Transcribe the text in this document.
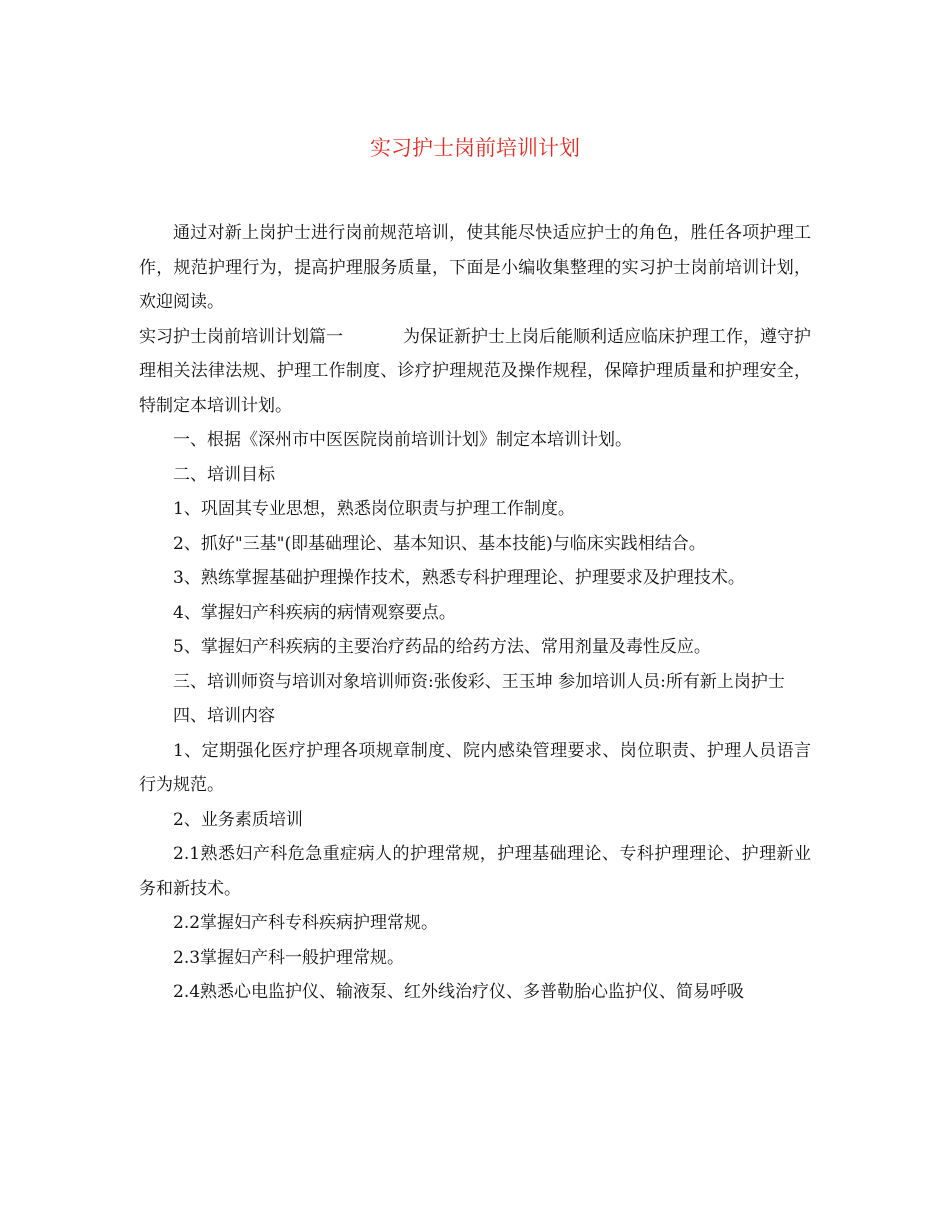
实习护士岗前培训计划

通过对新上岗护士进行岗前规范培训，使其能尽快适应护士的角色，胜任各项护理工作，规范护理行为，提高护理服务质量，下面是小编收集整理的实习护士岗前培训计划，欢迎阅读。

实习护士岗前培训计划篇一	为保证新护士上岗后能顺利适应临床护理工作，遵守护理相关法律法规、护理工作制度、诊疗护理规范及操作规程，保障护理质量和护理安全，特制定本培训计划。

一、根据《深州市中医医院岗前培训计划》制定本培训计划。

二、培训目标

1、巩固其专业思想，熟悉岗位职责与护理工作制度。

2、抓好"三基"(即基础理论、基本知识、基本技能)与临床实践相结合。

3、熟练掌握基础护理操作技术，熟悉专科护理理论、护理要求及护理技术。

4、掌握妇产科疾病的病情观察要点。

5、掌握妇产科疾病的主要治疗药品的给药方法、常用剂量及毒性反应。

三、培训师资与培训对象培训师资:张俊彩、王玉坤 参加培训人员:所有新上岗护士

四、培训内容

1、定期强化医疗护理各项规章制度、院内感染管理要求、岗位职责、护理人员语言行为规范。

2、业务素质培训

2.1熟悉妇产科危急重症病人的护理常规，护理基础理论、专科护理理论、护理新业务和新技术。

2.2掌握妇产科专科疾病护理常规。

2.3掌握妇产科一般护理常规。

2.4熟悉心电监护仪、输液泵、红外线治疗仪、多普勒胎心监护仪、简易呼吸
